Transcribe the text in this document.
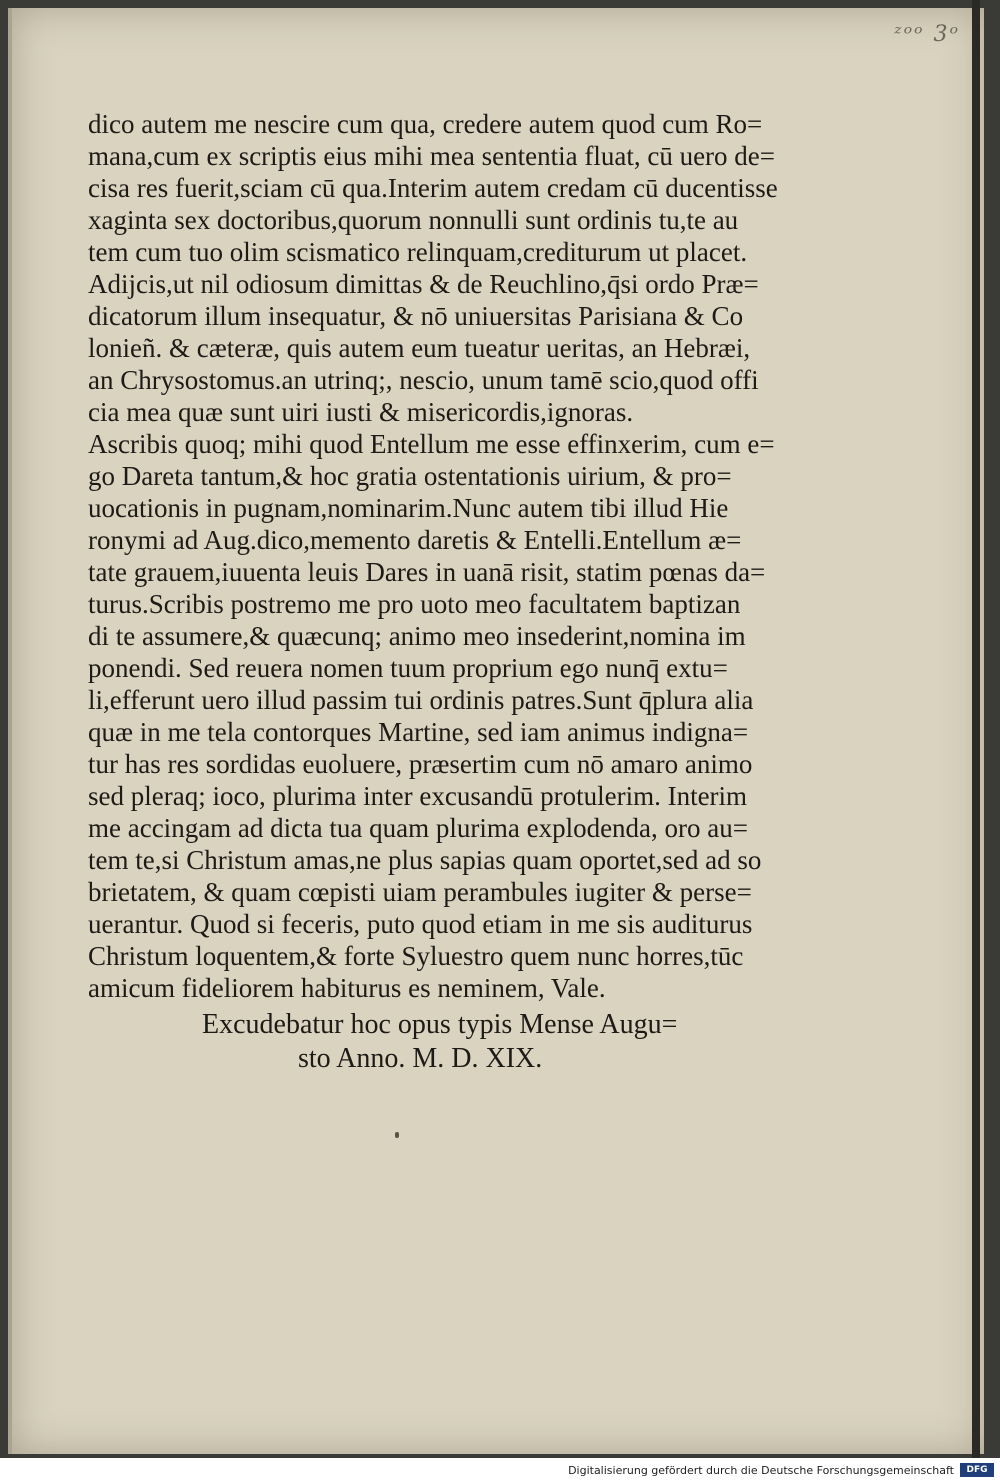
ᶻᵒᵒ 3ᵒ
dico autem me nescire cum qua, credere autem quod cum Ro=
mana,cum ex scriptis eius mihi mea sententia fluat, cū uero de=
cisa res fuerit,sciam cū qua.Interim autem credam cū ducentisse
xaginta sex doctoribus,quorum nonnulli sunt ordinis tu,te au
tem cum tuo olim scismatico relinquam,crediturum ut placet.
Adijcis,ut nil odiosum dimittas & de Reuchlino,q̄si ordo Præ=
dicatorum illum insequatur, & nō uniuersitas Parisiana & Co
lonieñ. & cæteræ, quis autem eum tueatur ueritas, an Hebræi,
an Chrysostomus.an utrinq;, nescio, unum tamē scio,quod offi
cia mea quæ sunt uiri iusti & misericordis,ignoras.
Ascribis quoq; mihi quod Entellum me esse effinxerim, cum e=
go Dareta tantum,& hoc gratia ostentationis uirium, & pro=
uocationis in pugnam,nominarim.Nunc autem tibi illud Hie
ronymi ad Aug.dico,memento daretis & Entelli.Entellum æ=
tate grauem,iuuenta leuis Dares in uanā risit, statim pœnas da=
turus.Scribis postremo me pro uoto meo facultatem baptizan
di te assumere,& quæcunq; animo meo insederint,nomina im
ponendi. Sed reuera nomen tuum proprium ego nunq̄ extu=
li,efferunt uero illud passim tui ordinis patres.Sunt q̄plura alia
quæ in me tela contorques Martine, sed iam animus indigna=
tur has res sordidas euoluere, præsertim cum nō amaro animo
sed pleraq; ioco, plurima inter excusandū protulerim. Interim
me accingam ad dicta tua quam plurima explodenda, oro au=
tem te,si Christum amas,ne plus sapias quam oportet,sed ad so
brietatem, & quam cœpisti uiam perambules iugiter & perse=
uerantur. Quod si feceris, puto quod etiam in me sis auditurus
Christum loquentem,& forte Syluestro quem nunc horres,tūc
amicum fideliorem habiturus es neminem, Vale.
Excudebatur hoc opus typis Mense Augu=
sto Anno. M. D. XIX.
Digitalisierung gefördert durch die Deutsche Forschungsgemeinschaft	DFG
